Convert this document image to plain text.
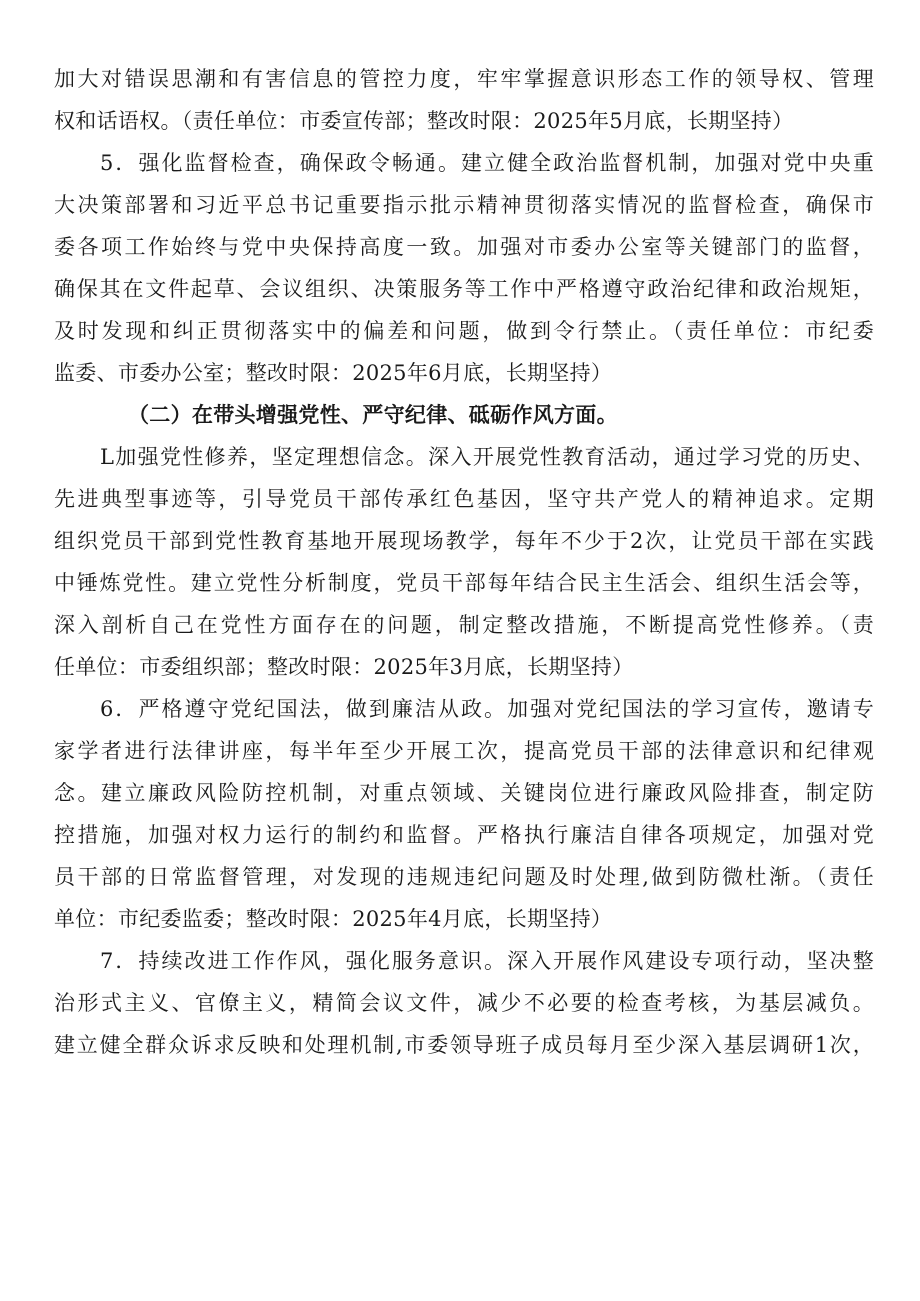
加大对错误思潮和有害信息的管控力度，牢牢掌握意识形态工作的领导权、管理
权和话语权。（责任单位：市委宣传部；整改时限：2025年5月底，长期坚持）
5．强化监督检查，确保政令畅通。建立健全政治监督机制，加强对党中央重
大决策部署和习近平总书记重要指示批示精神贯彻落实情况的监督检查，确保市
委各项工作始终与党中央保持高度一致。加强对市委办公室等关键部门的监督，
确保其在文件起草、会议组织、决策服务等工作中严格遵守政治纪律和政治规矩，
及时发现和纠正贯彻落实中的偏差和问题，做到令行禁止。（责任单位：市纪委
监委、市委办公室；整改时限：2025年6月底，长期坚持）
（二）在带头增强党性、严守纪律、砥砺作风方面。
L加强党性修养，坚定理想信念。深入开展党性教育活动，通过学习党的历史、
先进典型事迹等，引导党员干部传承红色基因，坚守共产党人的精神追求。定期
组织党员干部到党性教育基地开展现场教学，每年不少于2次，让党员干部在实践
中锤炼党性。建立党性分析制度，党员干部每年结合民主生活会、组织生活会等，
深入剖析自己在党性方面存在的问题，制定整改措施，不断提高党性修养。（责
任单位：市委组织部；整改时限：2025年3月底，长期坚持）
6．严格遵守党纪国法，做到廉洁从政。加强对党纪国法的学习宣传，邀请专
家学者进行法律讲座，每半年至少开展工次，提高党员干部的法律意识和纪律观
念。建立廉政风险防控机制，对重点领域、关键岗位进行廉政风险排查，制定防
控措施，加强对权力运行的制约和监督。严格执行廉洁自律各项规定，加强对党
员干部的日常监督管理，对发现的违规违纪问题及时处理,做到防微杜渐。（责任
单位：市纪委监委；整改时限：2025年4月底，长期坚持）
7．持续改进工作作风，强化服务意识。深入开展作风建设专项行动，坚决整
治形式主义、官僚主义，精简会议文件，减少不必要的检查考核，为基层减负。
建立健全群众诉求反映和处理机制,市委领导班子成员每月至少深入基层调研1次，
